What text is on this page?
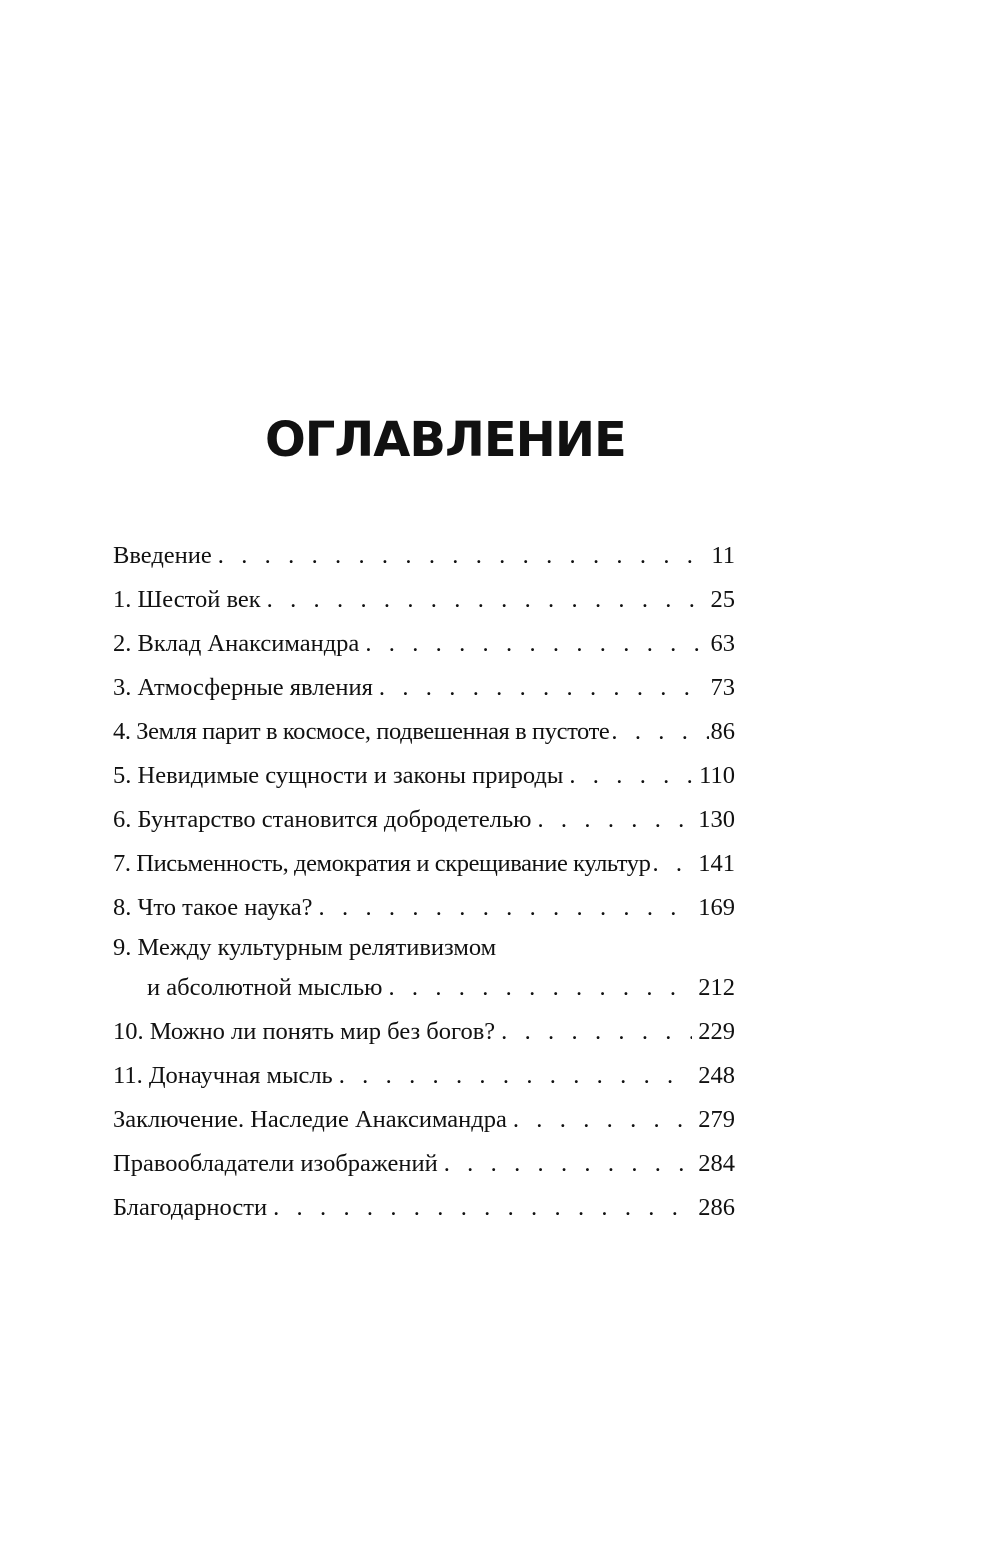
ОГЛАВЛЕНИЕ
Введение . . .	11
1. Шестой век . . .	25
2. Вклад Анаксимандра . . .	63
3. Атмосферные явления . . .	73
4. Земля парит в космосе, подвешенная в пустоте . . .	86
5. Невидимые сущности и законы природы . . .	110
6. Бунтарство становится добродетелью . . .	130
7. Письменность, демократия и скрещивание культур . . . 141
8. Что такое наука? . . .	169
9. Между культурным релятивизмом
и абсолютной мыслью . . .	212
10. Можно ли понять мир без богов? . . .	229
11. Донаучная мысль . . .	248
Заключение. Наследие Анаксимандра . . .	279
Правообладатели изображений . . .	284
Благодарности . . .	286
